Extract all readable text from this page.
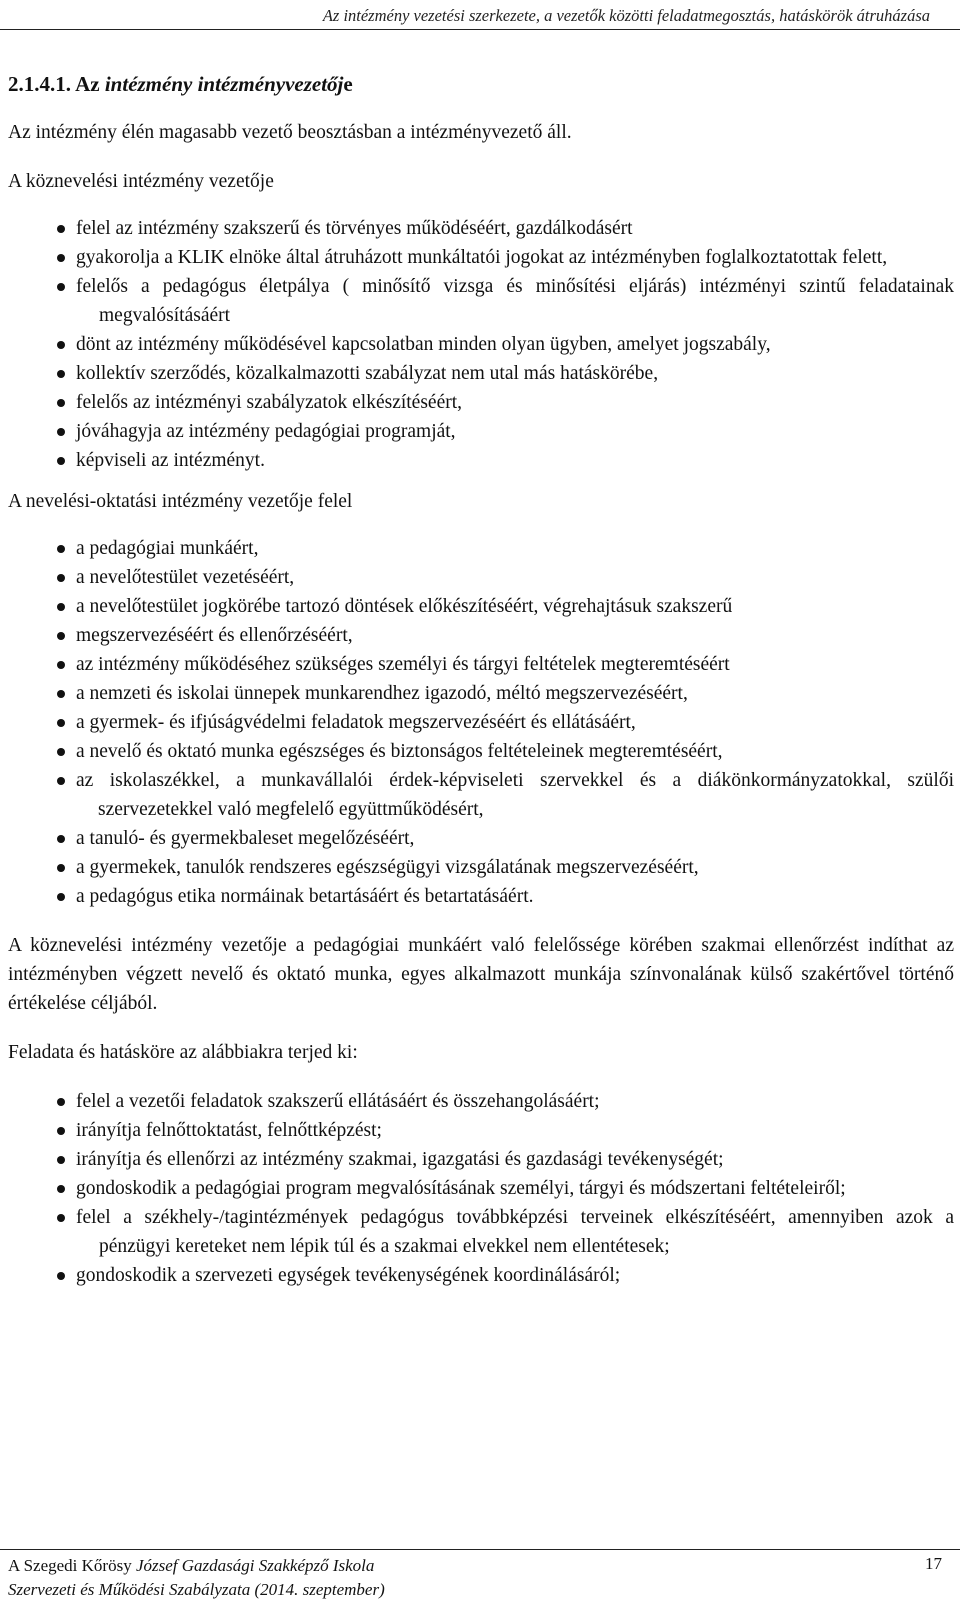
Az intézmény vezetési szerkezete, a vezetők közötti feladatmegosztás, hatáskörök átruházása
2.1.4.1. Az intézmény intézményvezetője

Az intézmény élén magasabb vezető beosztásban a intézményvezető áll.

A köznevelési intézmény vezetője

felel az intézmény szakszerű és törvényes működéséért, gazdálkodásért
gyakorolja a KLIK elnöke által átruházott munkáltatói jogokat az intézményben foglalkoztatottak felett,
felelős a pedagógus életpálya ( minősítő vizsga és minősítési eljárás) intézményi szintű feladatainak megvalósításáért
dönt az intézmény működésével kapcsolatban minden olyan ügyben, amelyet jogszabály,
kollektív szerződés, közalkalmazotti szabályzat nem utal más hatáskörébe,
felelős az intézményi szabályzatok elkészítéséért,
jóváhagyja az intézmény pedagógiai programját,
képviseli az intézményt.

A nevelési-oktatási intézmény vezetője felel

a pedagógiai munkáért,
a nevelőtestület vezetéséért,
a nevelőtestület jogkörébe tartozó döntések előkészítéséért, végrehajtásuk szakszerű
megszervezéséért és ellenőrzéséért,
az intézmény működéséhez szükséges személyi és tárgyi feltételek megteremtéséért
a nemzeti és iskolai ünnepek munkarendhez igazodó, méltó megszervezéséért,
a gyermek- és ifjúságvédelmi feladatok megszervezéséért és ellátásáért,
a nevelő és oktató munka egészséges és biztonságos feltételeinek megteremtéséért,
az iskolaszékkel, a munkavállalói érdek-képviseleti szervekkel és a diákönkormányzatokkal, szülői szervezetekkel való megfelelő együttműködésért,
a tanuló- és gyermekbaleset megelőzéséért,
a gyermekek, tanulók rendszeres egészségügyi vizsgálatának megszervezéséért,
a pedagógus etika normáinak betartásáért és betartatásáért.

A köznevelési intézmény vezetője a pedagógiai munkáért való felelőssége körében szakmai ellenőrzést indíthat az intézményben végzett nevelő és oktató munka, egyes alkalmazott munkája színvonalának külső szakértővel történő értékelése céljából.

Feladata és hatásköre az alábbiakra terjed ki:

felel a vezetői feladatok szakszerű ellátásáért és összehangolásáért;
irányítja felnőttoktatást, felnőttképzést;
irányítja és ellenőrzi az intézmény szakmai, igazgatási és gazdasági tevékenységét;
gondoskodik a pedagógiai program megvalósításának személyi, tárgyi és módszertani feltételeiről;
felel a székhely-/tagintézmények pedagógus továbbképzési terveinek elkészítéséért, amennyiben azok a pénzügyi kereteket nem lépik túl és a szakmai elvekkel nem ellentétesek;
gondoskodik a szervezeti egységek tevékenységének koordinálásáról;
A Szegedi Kőrösy József Gazdasági Szakképző Iskola
Szervezeti és Működési Szabályzata (2014. szeptember)
17
